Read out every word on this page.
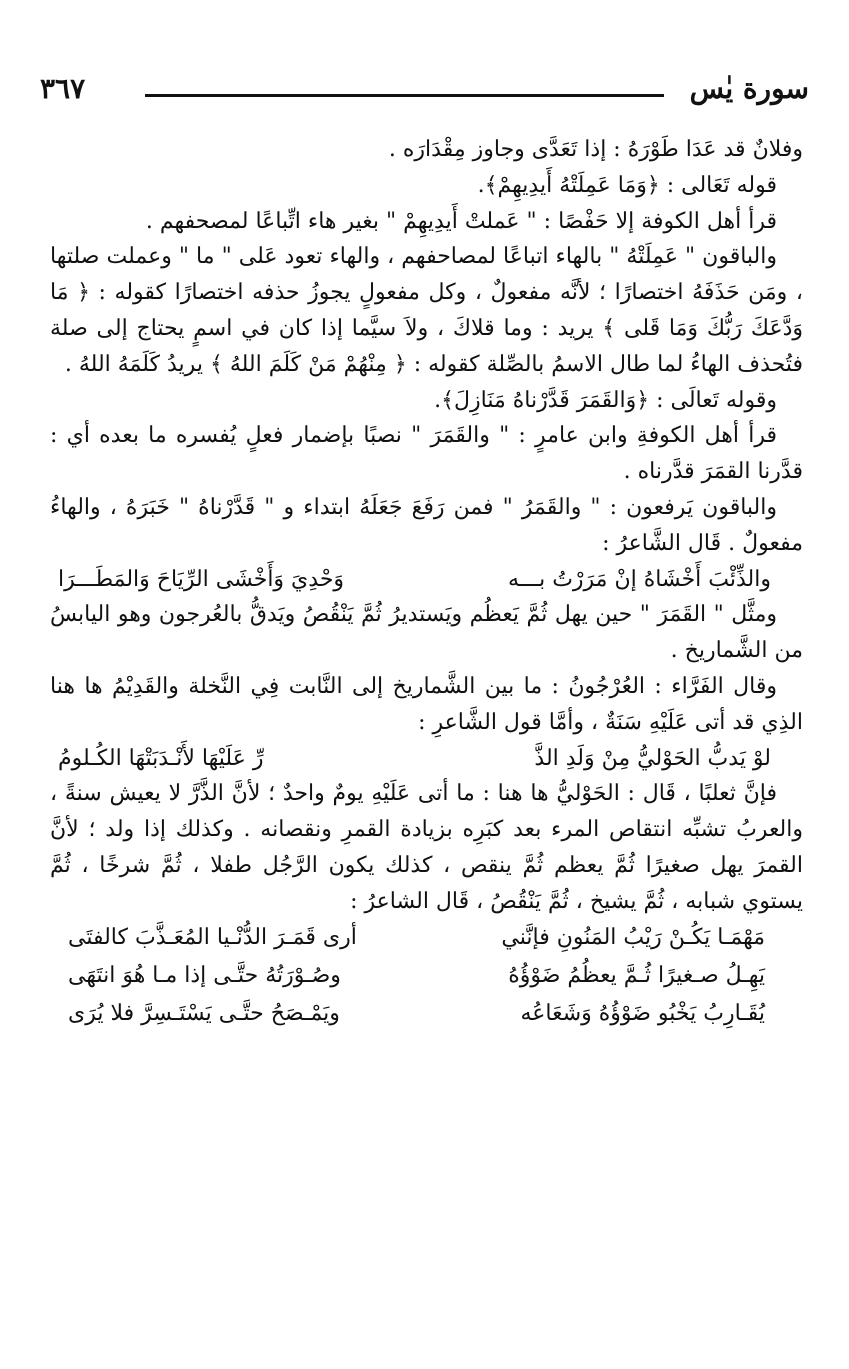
سورة يٰس
٣٦٧

وفلانٌ قد عَدَا طَوْرَهُ : إذا تَعَدَّى وجاوز مِقْدَارَه .

قوله تَعَالى : ﴿وَمَا عَمِلَتْهُ أَيدِيهِمْ﴾.

قرأ أهل الكوفة إلا حَفْصًا : " عَملتْ أَيدِيهِمْ " بغير هاء اتِّباعًا لمصحفهم .

والباقون " عَمِلَتْهُ " بالهاء اتباعًا لمصاحفهم ، والهاء تعود عَلى " ما " وعملت صلتها ، ومَن حَذَفَهُ اختصارًا ؛ لأنَّه مفعولٌ ، وكل مفعولٍ يجوزُ حذفه اختصارًا كقوله : ﴿ مَا وَدَّعَكَ رَبُّكَ وَمَا قَلى ﴾ يريد : وما قلاكَ ، ولاَ سيَّما إذا كان في اسمٍ يحتاج إلى صلة فتُحذف الهاءُ لما طال الاسمُ بالصِّلة كقوله : ﴿ مِنْهُمْ مَنْ كَلَمَ اللهُ ﴾ يريدُ كَلَمَهُ اللهُ .

وقوله تَعالَى : ﴿وَالقَمَرَ قَدَّرْناهُ مَنَازِلَ﴾.

قرأ أهل الكوفةِ وابن عامرٍ : " والقَمَرَ " نصبًا بإضمار فعلٍ يُفسره ما بعده أي : قدَّرنا القمَرَ قدَّرناه .

والباقون يَرفعون : " والقَمَرُ " فمن رَفَعَ جَعَلَهُ ابتداء و " قَدَّرْناهُ " خَبَرَهُ ، والهاءُ مفعولٌ . قَال الشَّاعرُ :

والذِّئْبَ أَخْشَاهُ إنْ مَرَرْتُ بـــه
وَحْدِيَ وَأَخْشَى الرِّيَاحَ وَالمَطَـــرَا

ومثَّل " القَمَرَ " حين يهل ثُمَّ يَعظُم ويَستديرُ ثُمَّ يَنْقُصُ ويَدقُّ بالعُرجون وهو اليابسُ من الشَّماريخ .

وقال الفَرَّاء : العُرْجُونُ : ما بين الشَّماريخ إلى النَّابت فِي النَّخلة والقَدِيْمُ ها هنا الذِي قد أتى عَلَيْهِ سَنَةٌ ، وأمَّا قول الشَّاعرِ :

لوْ يَدبُّ الحَوْليُّ مِنْ وَلَدِ الذَّ
رِّ عَلَيْهَا لأَنْـدَبَتْهَا الكُـلومُ

فإنَّ ثعلبًا ، قَال : الحَوْليُّ ها هنا : ما أتى عَلَيْهِ يومٌ واحدٌ ؛ لأنَّ الذَّرَّ لا يعيش سنةً ، والعربُ تشبِّه انتقاص المرء بعد كبَرِه بزيادة القمرِ ونقصانه . وكذلك إذا ولد ؛ لأنَّ القمرَ يهل صغيرًا ثُمَّ يعظم ثُمَّ ينقص ، كذلك يكون الرَّجُل طفلا ، ثُمَّ شرخًا ، ثُمَّ يستوي شبابه ، ثُمَّ يشيخ ، ثُمَّ يَنْقُصُ ، قَال الشاعرُ :

مَهْمَـا يَكُـنْ رَيْبُ المَنُونِ فإنَّني
أرى قَمَـرَ الدُّنْـيا المُعَـذَّبَ كالفتَى
يَهِـلُ صـغيرًا ثُـمَّ يعظُمُ ضَوْؤُهُ
وصُـوْرَتُهُ حتَّـى إذا مـا هُوَ انتَهَى
يُقَـارِبُ يَخْبُو ضَوْؤُهُ وَشَعَاعُه
ويَمْـصَحُ حتَّـى يَسْتَـسِرَّ فلا يُرَى
